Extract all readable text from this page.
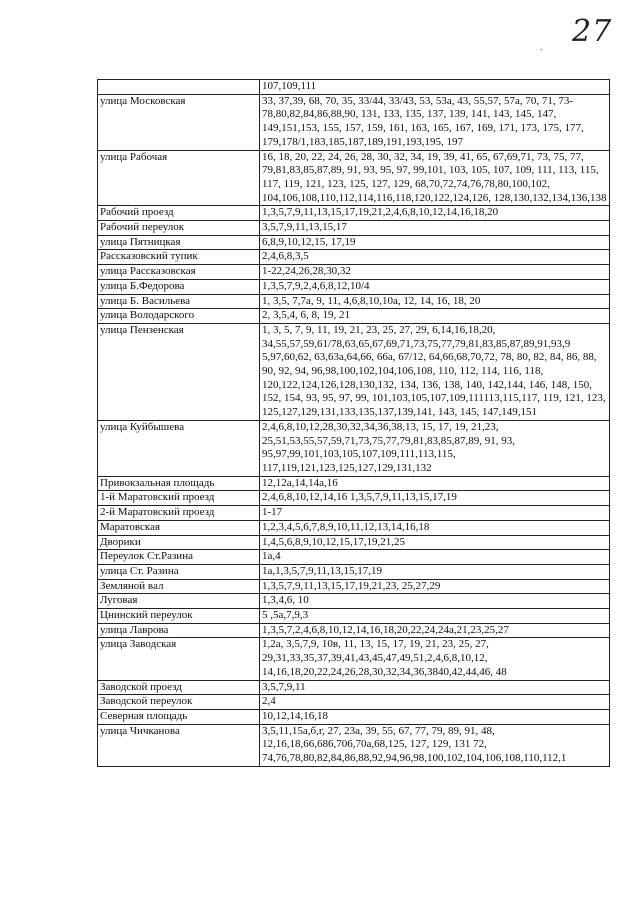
27
.
	107,109,111
улица Московская	33, 37,39, 68, 70, 35, 33/44, 33/43, 53, 53а, 43, 55,57, 57а, 70, 71, 73-78,80,82,84,86,88,90, 131, 133, 135, 137, 139, 141, 143, 145, 147, 149,151,153, 155, 157, 159, 161, 163, 165, 167, 169, 171, 173, 175, 177, 179,178/1,183,185,187,189,191,193,195, 197
улица Рабочая	16, 18, 20, 22, 24, 26, 28, 30, 32, 34, 19, 39, 41, 65, 67,69,71, 73, 75, 77, 79,81,83,85,87,89, 91, 93, 95, 97, 99,101, 103, 105, 107, 109, 111, 113, 115, 117, 119, 121, 123, 125, 127, 129, 68,70,72,74,76,78,80,100,102, 104,106,108,110,112,114,116,118,120,122,124,126, 128,130,132,134,136,138
Рабочий проезд	1,3,5,7,9,11,13,15,17,19,21,2,4,6,8,10,12,14,16,18,20
Рабочий переулок	3,5,7,9,11,13,15,17
улица Пятницкая	6,8,9,10,12,15, 17,19
Рассказовский тупик	2,4,6,8,3,5
улица Рассказовская	1-22,24,26,28,30,32
улица Б.Федорова	1,3,5,7,9,2,4,6,8,12,10/4
улица Б. Васильева	1, 3,5, 7,7а, 9, 11, 4,6,8,10,10а, 12, 14, 16, 18, 20
улица Володарского	2, 3,5,4, 6, 8, 19, 21
улица Пензенская	1, 3, 5, 7, 9, 11, 19, 21, 23, 25, 27, 29, 6,14,16,18,20, 34,55,57,59,61/78,63,65,67,69,71,73,75,77,79,81,83,85,87,89,91,93,9 5,97,60,62, 63,63а,64,66, 66а, 67/12, 64,66,68,70,72, 78, 80, 82, 84, 86, 88, 90, 92, 94, 96,98,100,102,104,106,108, 110, 112, 114, 116, 118, 120,122,124,126,128,130,132, 134, 136, 138, 140, 142,144, 146, 148, 150, 152, 154, 93, 95, 97, 99, 101,103,105,107,109,111113,115,117, 119, 121, 123, 125,127,129,131,133,135,137,139,141, 143, 145, 147,149,151
улица Куйбышева	2,4,6,8,10,12,28,30,32,34,36,38,13, 15, 17, 19, 21,23, 25,51,53,55,57,59,71,73,75,77,79,81,83,85,87,89, 91, 93, 95,97,99,101,103,105,107,109,111,113,115, 117,119,121,123,125,127,129,131,132
Привокзальная площадь	12,12а,14,14а,16
1-й Маратовский проезд	2,4,6,8,10,12,14,16 1,3,5,7,9,11,13,15,17,19
2-й Маратовский проезд	1-17
Маратовская	1,2,3,4,5,6,7,8,9,10,11,12,13,14,16,18
Дворики	1,4,5,6,8,9,10,12,15,17,19,21,25
Переулок Ст.Разина	1а,4
улица Ст. Разина	1а,1,3,5,7,9,11,13,15,17,19
Земляной вал	1,3,5,7,9,11,13,15,17,19,21,23, 25,27,29
Луговая	1,3,4,6, 10
Цнинский переулок	5 ,5а,7,9,3
улица Лаврова	1,3,5,7,2,4,6,8,10,12,14,16,18,20,22,24,24а,21,23,25,27
улица Заводская	1,2а, 3,5,7,9, 10в, 11, 13, 15, 17, 19, 21, 23, 25, 27, 29,31,33,35,37,39,41,43,45,47,49,51,2,4,6,8,10,12, 14,16,18,20,22,24,26,28,30,32,34,36,3840,42,44,46, 48
Заводской проезд	3,5,7,9,11
Заводской переулок	2,4
Северная площадь	10,12,14,16,18
улица Чичканова	3,5,11,15а,б,г, 27, 23а, 39, 55, 67, 77, 79, 89, 91, 48, 12,16,18,66,686,706,70а,68,125, 127, 129, 131 72, 74,76,78,80,82,84,86,88,92,94,96,98,100,102,104,106,108,110,112,1
